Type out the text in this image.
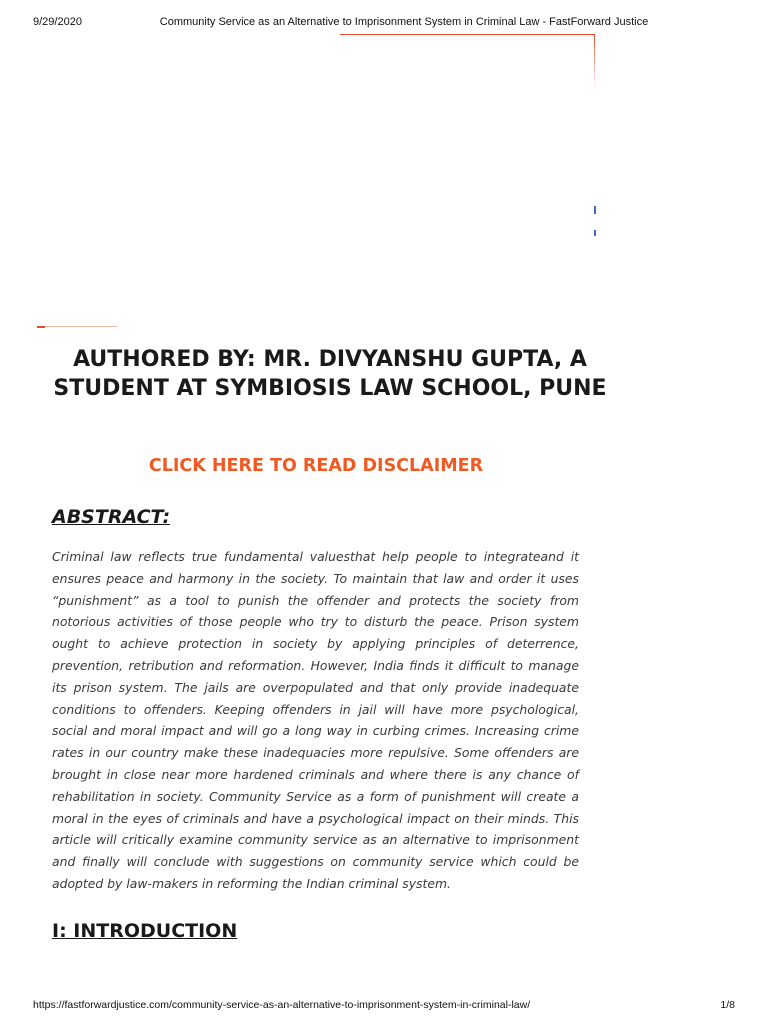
9/29/2020	Community Service as an Alternative to Imprisonment System in Criminal Law - FastForward Justice
AUTHORED BY: MR. DIVYANSHU GUPTA, A STUDENT AT SYMBIOSIS LAW SCHOOL, PUNE
CLICK HERE TO READ DISCLAIMER
ABSTRACT:

Criminal law reflects true fundamental valuesthat help people to integrateand it ensures peace and harmony in the society. To maintain that law and order it uses “punishment” as a tool to punish the offender and protects the society from notorious activities of those people who try to disturb the peace. Prison system ought to achieve protection in society by applying principles of deterrence, prevention, retribution and reformation. However, India finds it difficult to manage its prison system. The jails are overpopulated and that only provide inadequate conditions to offenders. Keeping offenders in jail will have more psychological, social and moral impact and will go a long way in curbing crimes. Increasing crime rates in our country make these inadequacies more repulsive. Some offenders are brought in close near more hardened criminals and where there is any chance of rehabilitation in society. Community Service as a form of punishment will create a moral in the eyes of criminals and have a psychological impact on their minds. This article will critically examine community service as an alternative to imprisonment and finally will conclude with suggestions on community service which could be adopted by law-makers in reforming the Indian criminal system.

I: INTRODUCTION
https://fastforwardjustice.com/community-service-as-an-alternative-to-imprisonment-system-in-criminal-law/	1/8
